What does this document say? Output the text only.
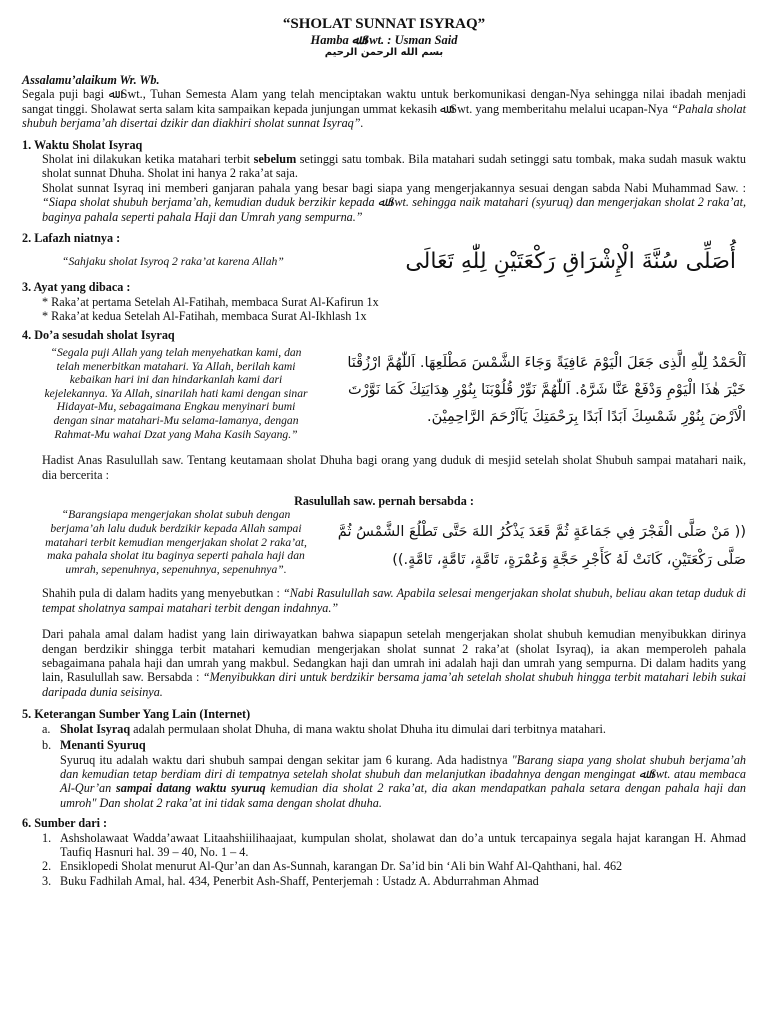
“SHOLAT SUNNAT ISYRAQ”
Hamba ﷲ Swt. : Usman Said
بسم الله الرحمن الرحيم
Assalamu’alaikum Wr. Wb.

Segala puji bagi ﷲ Swt., Tuhan Semesta Alam yang telah menciptakan waktu untuk berkomunikasi dengan-Nya sehingga nilai ibadah menjadi sangat tinggi. Sholawat serta salam kita sampaikan kepada junjungan ummat kekasih ﷲ Swt. yang memberitahu melalui ucapan-Nya “Pahala sholat shubuh berjama’ah disertai dzikir dan diakhiri sholat sunnat Isyraq”.

1. Waktu Sholat Isyraq

Sholat ini dilakukan ketika matahari terbit sebelum setinggi satu tombak. Bila matahari sudah setinggi satu tombak, maka sudah masuk waktu sholat sunnat Dhuha. Sholat ini hanya 2 raka’at saja.

Sholat sunnat Isyraq ini memberi ganjaran pahala yang besar bagi siapa yang mengerjakannya sesuai dengan sabda Nabi Muhammad Saw. : “Siapa sholat shubuh berjama’ah, kemudian duduk berzikir kepada ﷲ Swt. sehingga naik matahari (syuruq) dan mengerjakan sholat 2 raka’at, baginya pahala seperti pahala Haji dan Umrah yang sempurna.”

2. Lafazh niatnya :
“Sahjaku sholat Isyroq 2 raka’at karena Allah”	أُصَلِّى سُنَّةَ الْإِشْرَاقِ رَكْعَتَيْنِ لِلّٰهِ تَعَالَى
3. Ayat yang dibaca :
* Raka’at pertama Setelah Al-Fatihah, membaca Surat Al-Kafirun 1x
* Raka’at kedua Setelah Al-Fatihah, membaca Surat Al-Ikhlash 1x
4. Do’a sesudah sholat Isyraq
“Segala puji Allah yang telah menyehatkan kami, dan telah menerbitkan matahari. Ya Allah, berilah kami kebaikan hari ini dan hindarkanlah kami dari kejelekannya. Ya Allah, sinarilah hati kami dengan sinar Hidayat-Mu, sebagaimana Engkau menyinari bumi dengan sinar matahari-Mu selama-lamanya, dengan Rahmat-Mu wahai Dzat yang Maha Kasih Sayang.”
اَلْحَمْدُ لِلّٰهِ الَّذِى جَعَلَ الْيَوْمَ عَافِيَةً وَجَاءَ الشَّمْسَ مَطْلَعِهَا. اَللّٰهُمَّ ارْزُقْنَا خَيْرَ هٰذَا الْيَوْمِ وَدْفَعْ عَنَّا شَرَّهُ. اَللّٰهُمَّ نَوِّرْ قُلُوْبَنَا بِنُوْرِ هِدَايَتِكَ كَمَا نَوَّرْتَ الْاَرْضَ بِنُوْرِ شَمْسِكَ اَبَدًا اَبَدًا بِرَحْمَتِكَ يَآاَرْحَمَ الرَّاحِمِيْنَ.

Hadist Anas Rasulullah saw. Tentang keutamaan sholat Dhuha bagi orang yang duduk di mesjid setelah sholat Shubuh sampai matahari naik, dia bercerita :

Rasulullah saw. pernah bersabda :
“Barangsiapa mengerjakan sholat subuh dengan berjama’ah lalu duduk berdzikir kepada Allah sampai matahari terbit kemudian mengerjakan sholat 2 raka’at, maka pahala sholat itu baginya seperti pahala haji dan umrah, sepenuhnya, sepenuhnya, sepenuhnya”.
(( مَنْ صَلَّى الْفَجْرَ فِي جَمَاعَةٍ ثُمَّ قَعَدَ يَذْكُرُ اللهَ حَتَّى تَطْلُعَ الشَّمْسُ ثُمَّ صَلَّى رَكْعَتَيْنِ، كَانَتْ لَهُ كَأَجْرِ حَجَّةٍ وَعُمْرَةٍ، تَامَّةٍ، تَامَّةٍ، تَامَّةٍ.))

Shahih pula di dalam hadits yang menyebutkan : “Nabi Rasulullah saw. Apabila selesai mengerjakan sholat shubuh, beliau akan tetap duduk di tempat sholatnya sampai matahari terbit dengan indahnya.”

Dari pahala amal dalam hadist yang lain diriwayatkan bahwa siapapun setelah mengerjakan sholat shubuh kemudian menyibukkan dirinya dengan berdzikir shingga terbit matahari kemudian mengerjakan sholat sunnat 2 raka’at (sholat Isyraq), ia akan memperoleh pahala sebagaimana pahala haji dan umrah yang makbul. Sedangkan haji dan umrah ini adalah haji dan umrah yang sempurna. Di dalam hadits yang lain, Rasulullah saw. Bersabda : “Menyibukkan diri untuk berdzikir bersama jama’ah setelah sholat shubuh hingga terbit matahari lebih sukai daripada dunia seisinya.

5. Keterangan Sumber Yang Lain (Internet)
a. Sholat Isyraq adalah permulaan sholat Dhuha, di mana waktu sholat Dhuha itu dimulai dari terbitnya matahari.
b. Menanti Syuruq
Syuruq itu adalah waktu dari shubuh sampai dengan sekitar jam 6 kurang. Ada hadistnya "Barang siapa yang sholat shubuh berjama’ah dan kemudian tetap berdiam diri di tempatnya setelah sholat shubuh dan melanjutkan ibadahnya dengan mengingat ﷲ Swt. atau membaca Al-Qur’an sampai datang waktu syuruq kemudian dia sholat 2 raka’at, dia akan mendapatkan pahala setara dengan pahala haji dan umroh" Dan sholat 2 raka’at ini tidak sama dengan sholat dhuha.
6. Sumber dari :
1. Ashsholawaat Wadda’awaat Litaahshiilihaajaat, kumpulan sholat, sholawat dan do’a untuk tercapainya segala hajat karangan H. Ahmad Taufiq Hasnuri hal. 39 – 40, No. 1 – 4.
2. Ensiklopedi Sholat menurut Al-Qur’an dan As-Sunnah, karangan Dr. Sa’id bin ‘Ali bin Wahf Al-Qahthani, hal. 462
3. Buku Fadhilah Amal, hal. 434, Penerbit Ash-Shaff, Penterjemah : Ustadz A. Abdurrahman Ahmad
